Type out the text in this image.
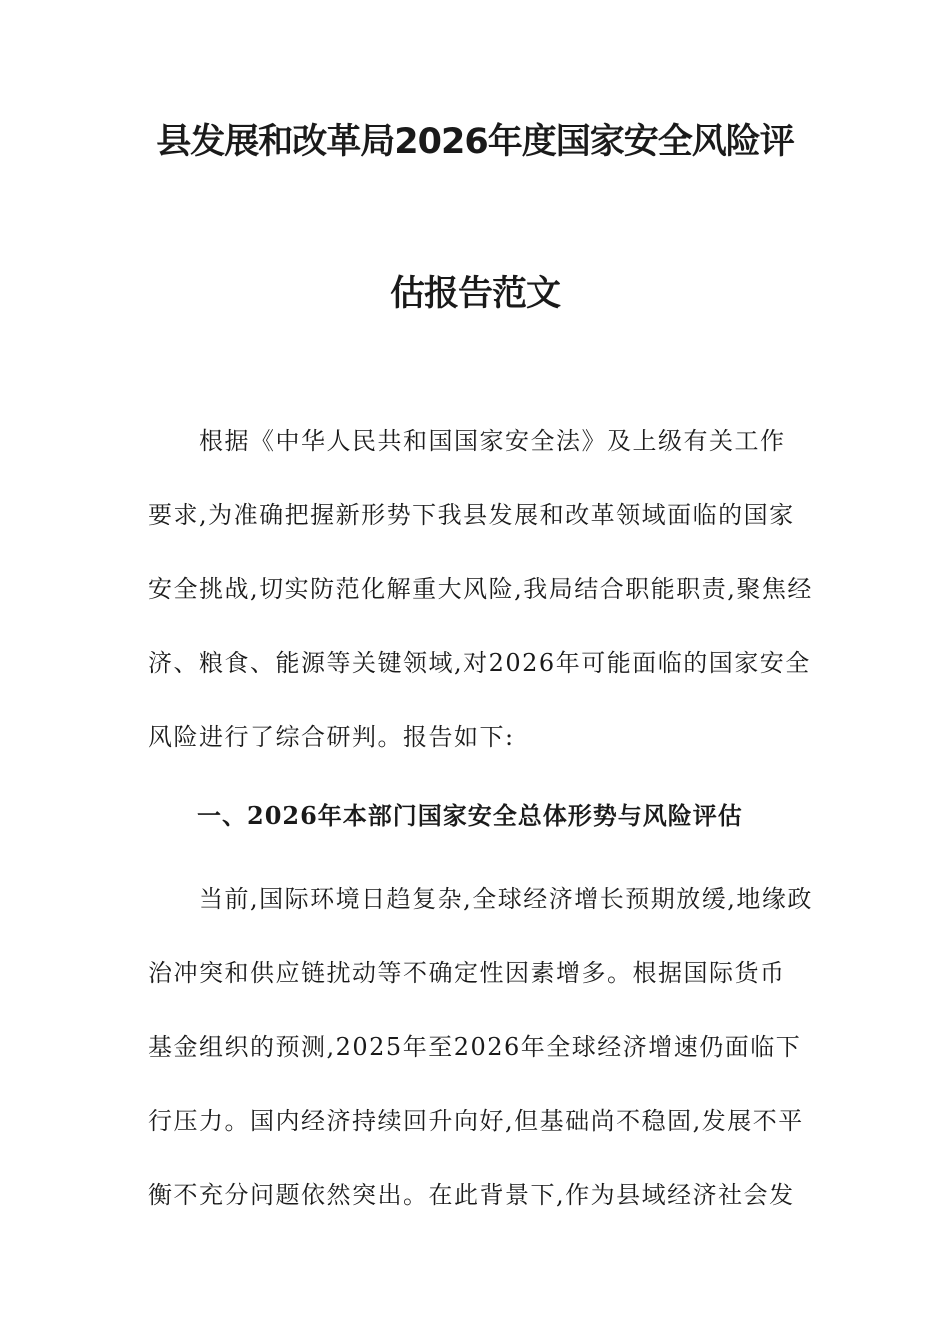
县发展和改革局2026年度国家安全风险评
估报告范文
　　根据《中华人民共和国国家安全法》及上级有关工作
要求,为准确把握新形势下我县发展和改革领域面临的国家
安全挑战,切实防范化解重大风险,我局结合职能职责,聚焦经
济、粮食、能源等关键领域,对2026年可能面临的国家安全
风险进行了综合研判。报告如下:
一、2026年本部门国家安全总体形势与风险评估
　　当前,国际环境日趋复杂,全球经济增长预期放缓,地缘政
治冲突和供应链扰动等不确定性因素增多。根据国际货币
基金组织的预测,2025年至2026年全球经济增速仍面临下
行压力。国内经济持续回升向好,但基础尚不稳固,发展不平
衡不充分问题依然突出。在此背景下,作为县域经济社会发
